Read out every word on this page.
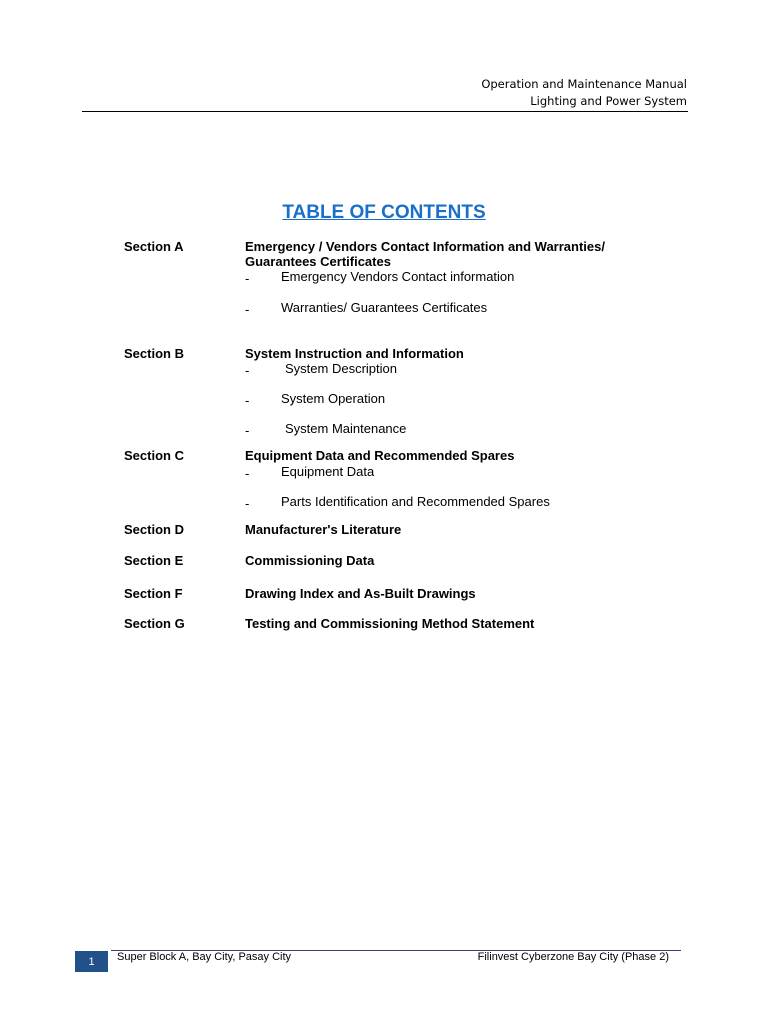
Operation and Maintenance Manual
Lighting and Power System
TABLE OF CONTENTS
Section A	Emergency / Vendors Contact Information and Warranties/ Guarantees Certificates
- Emergency Vendors Contact information
- Warranties/ Guarantees Certificates
Section B	System Instruction and Information
-	System Description
- System Operation
-	System Maintenance
Section C	Equipment Data and Recommended Spares
- Equipment Data
- Parts Identification and Recommended Spares
Section D	Manufacturer's Literature
Section E	Commissioning Data
Section F	Drawing Index and As-Built Drawings
Section G	Testing and Commissioning Method Statement
1	Super Block A, Bay City, Pasay City	Filinvest Cyberzone Bay City (Phase 2)
